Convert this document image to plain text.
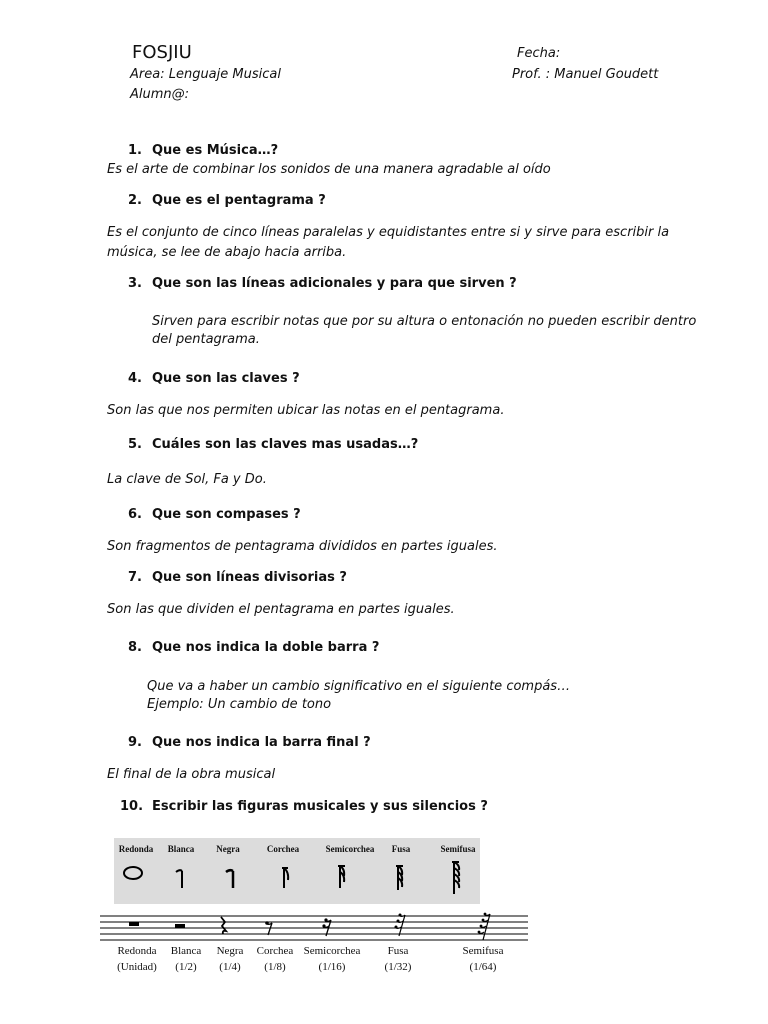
FOSJIU
Area: Lenguaje Musical
Alumn@:
Fecha:
Prof. : Manuel Goudett
1. Que es Música…?
Es el arte de combinar los sonidos de una manera agradable al oído
2. Que es el pentagrama ?
Es el conjunto de cinco líneas paralelas y equidistantes entre si y sirve para escribir la
música, se lee de abajo hacia arriba.
3. Que son las líneas adicionales y para que sirven ?
Sirven para escribir notas que por su altura o entonación no pueden escribir dentro
del pentagrama.
4. Que son las claves ?
Son las que nos permiten ubicar las notas en el pentagrama.
5. Cuáles son las claves mas usadas…?
La clave de Sol, Fa y Do.
6. Que son compases ?
Son fragmentos de pentagrama divididos en partes iguales.
7. Que son líneas divisorias ?
Son las que dividen el pentagrama en partes iguales.
8. Que nos indica la doble barra ?
Que va a haber un cambio significativo en el siguiente compás…
Ejemplo: Un cambio de tono
9. Que nos indica la barra final ?
El final de la obra musical
10. Escribir las figuras musicales y sus silencios ?
Redonda Blanca Negra	Corchea	Semicorchea Fusa	Semifusa
Redonda
(Unidad)
Blanca
(1/2)
Negra
(1/4)
Corchea
(1/8)
Semicorchea
(1/16)
Fusa
(1/32)
Semifusa
(1/64)
